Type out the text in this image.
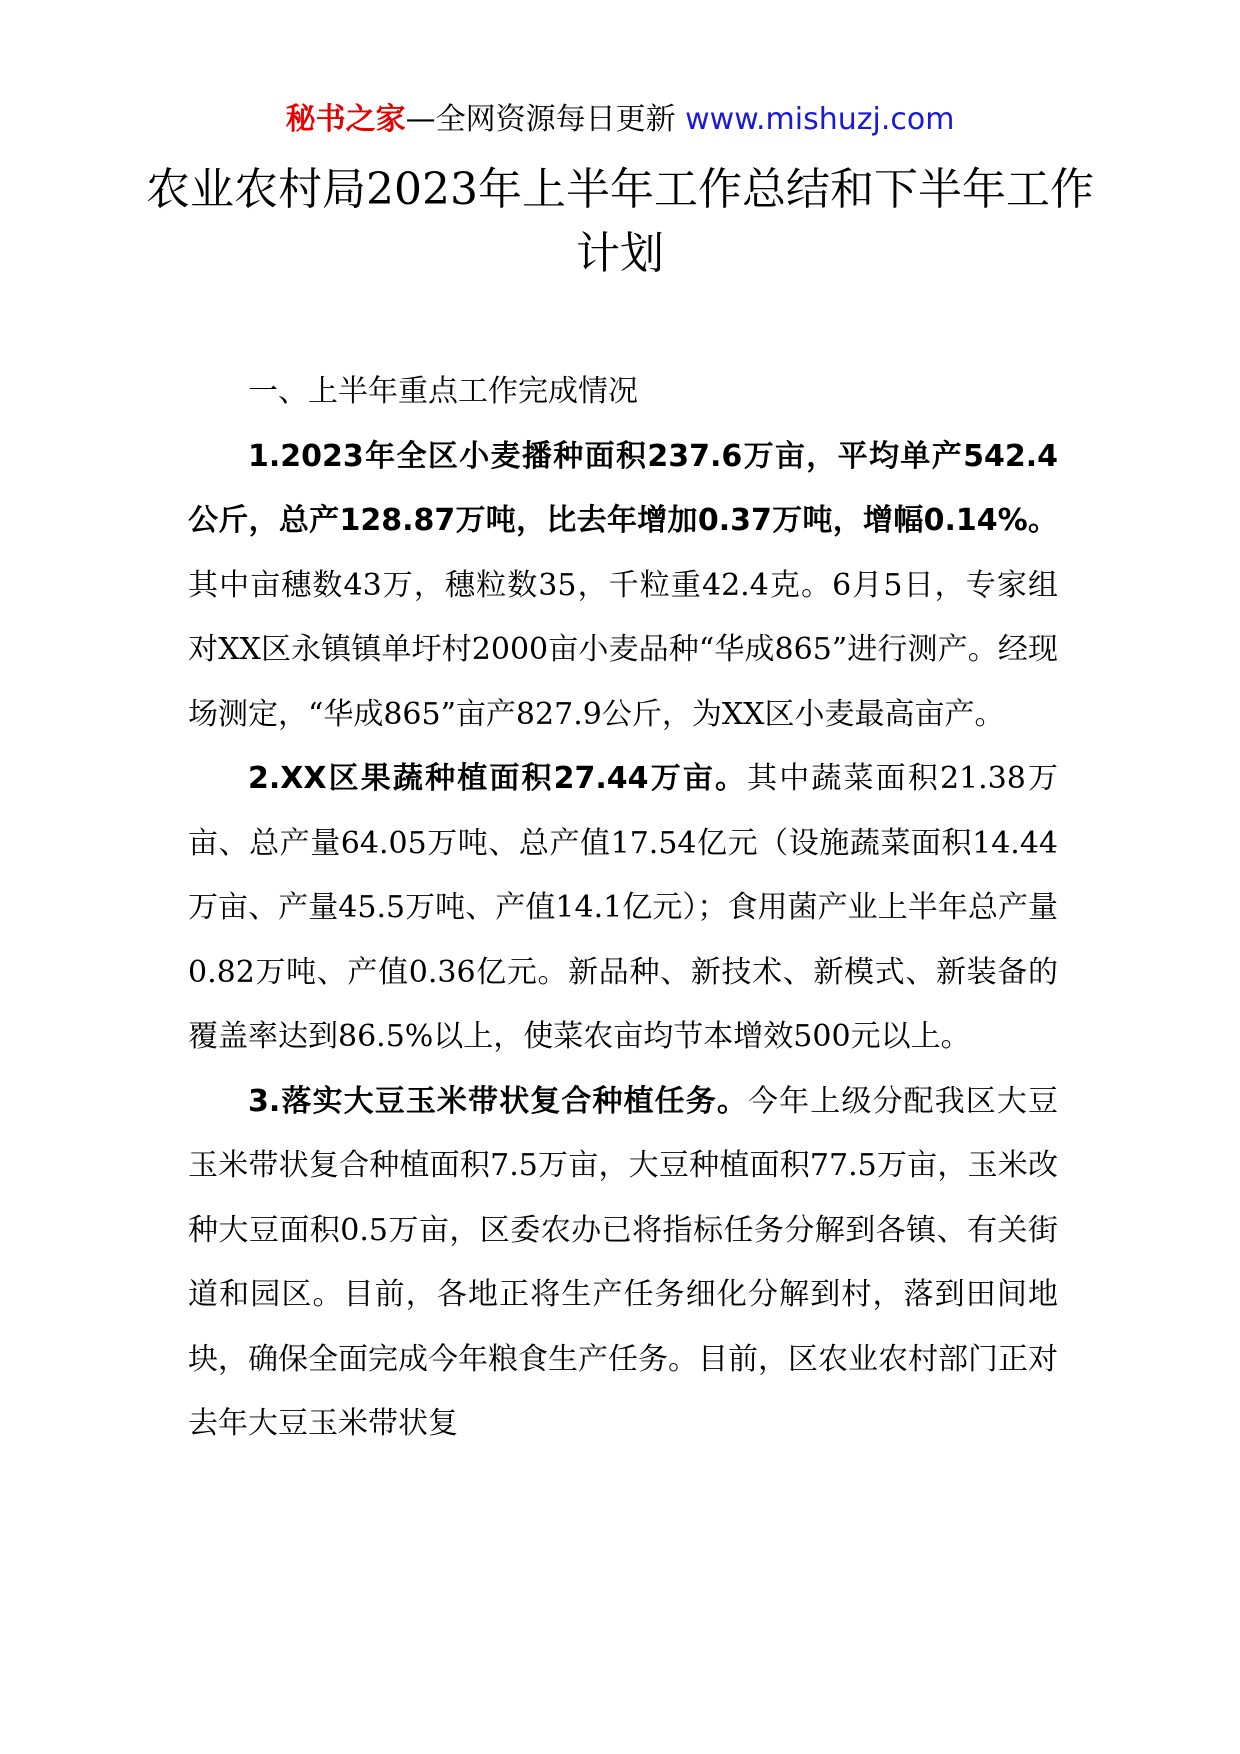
秘书之家—全网资源每日更新 www.mishuzj.com
农业农村局2023年上半年工作总结和下半年工作计划

一、上半年重点工作完成情况

1.2023年全区小麦播种面积237.6万亩，平均单产542.4公斤，总产128.87万吨，比去年增加0.37万吨，增幅0.14%。其中亩穗数43万，穗粒数35，千粒重42.4克。6月5日，专家组对XX区永镇镇单圩村2000亩小麦品种“华成865”进行测产。经现场测定，“华成865”亩产827.9公斤，为XX区小麦最高亩产。

2.XX区果蔬种植面积27.44万亩。其中蔬菜面积21.38万亩、总产量64.05万吨、总产值17.54亿元（设施蔬菜面积14.44万亩、产量45.5万吨、产值14.1亿元）；食用菌产业上半年总产量0.82万吨、产值0.36亿元。新品种、新技术、新模式、新装备的覆盖率达到86.5%以上，使菜农亩均节本增效500元以上。

3.落实大豆玉米带状复合种植任务。今年上级分配我区大豆玉米带状复合种植面积7.5万亩，大豆种植面积77.5万亩，玉米改种大豆面积0.5万亩，区委农办已将指标任务分解到各镇、有关街道和园区。目前，各地正将生产任务细化分解到村，落到田间地块，确保全面完成今年粮食生产任务。目前，区农业农村部门正对去年大豆玉米带状复
